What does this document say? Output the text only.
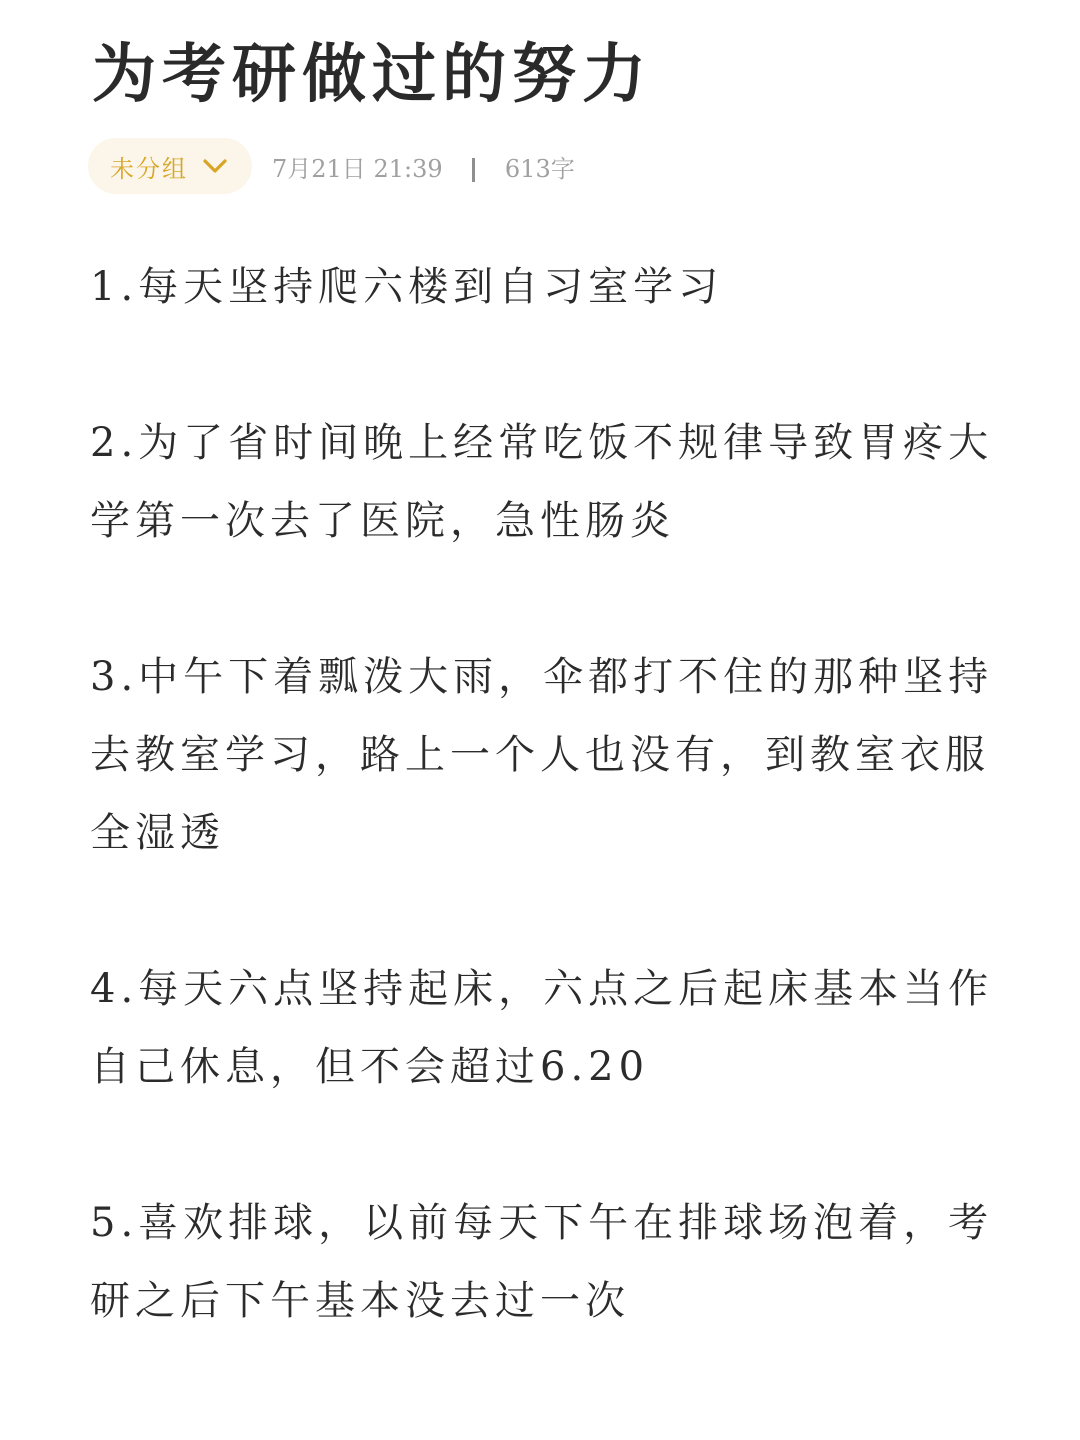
为考研做过的努力
未分组	7月21日 21:39	613字

1.每天坚持爬六楼到自习室学习

2.为了省时间晚上经常吃饭不规律导致胃疼大学第一次去了医院，急性肠炎

3.中午下着瓢泼大雨，伞都打不住的那种坚持去教室学习，路上一个人也没有，到教室衣服全湿透

4.每天六点坚持起床，六点之后起床基本当作自己休息，但不会超过6.20

5.喜欢排球，以前每天下午在排球场泡着，考研之后下午基本没去过一次
